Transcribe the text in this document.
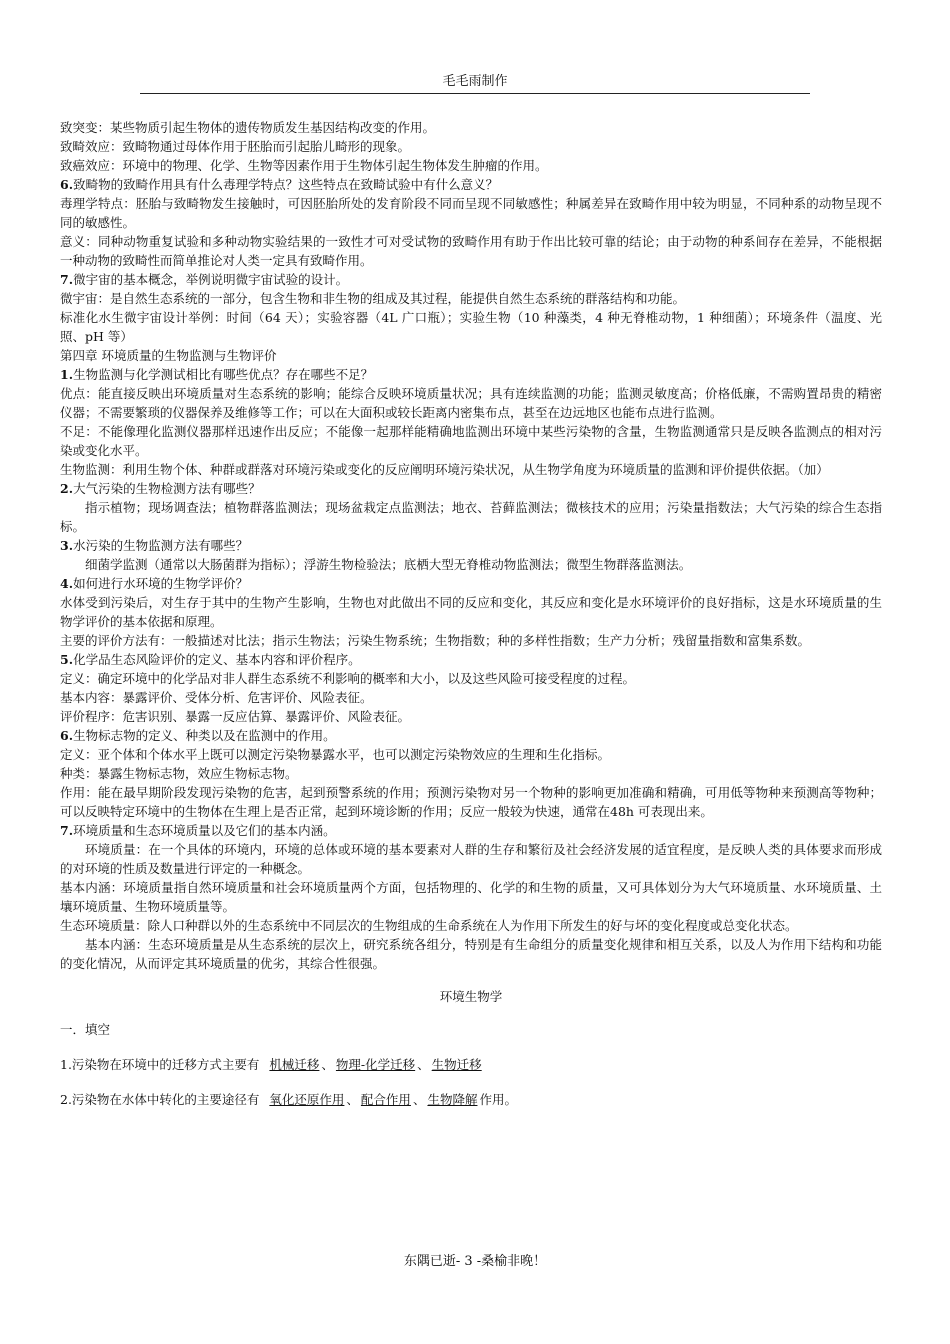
毛毛雨制作

致突变：某些物质引起生物体的遗传物质发生基因结构改变的作用。

致畸效应：致畸物通过母体作用于胚胎而引起胎儿畸形的现象。

致癌效应：环境中的物理、化学、生物等因素作用于生物体引起生物体发生肿瘤的作用。

6.致畸物的致畸作用具有什么毒理学特点？这些特点在致畸试验中有什么意义？

毒理学特点：胚胎与致畸物发生接触时，可因胚胎所处的发育阶段不同而呈现不同敏感性；种属差异在致畸作用中较为明显，不同种系的动物呈现不同的敏感性。

意义：同种动物重复试验和多种动物实验结果的一致性才可对受试物的致畸作用有助于作出比较可靠的结论；由于动物的种系间存在差异，不能根据一种动物的致畸性而简单推论对人类一定具有致畸作用。

7.微宇宙的基本概念，举例说明微宇宙试验的设计。

微宇宙：是自然生态系统的一部分，包含生物和非生物的组成及其过程，能提供自然生态系统的群落结构和功能。

标准化水生微宇宙设计举例：时间（64 天）；实验容器（4L 广口瓶）；实验生物（10 种藻类，4 种无脊椎动物，1 种细菌）；环境条件（温度、光照、pH 等）

第四章 环境质量的生物监测与生物评价

1.生物监测与化学测试相比有哪些优点？存在哪些不足？

优点：能直接反映出环境质量对生态系统的影响；能综合反映环境质量状况；具有连续监测的功能；监测灵敏度高；价格低廉，不需购置昂贵的精密仪器；不需要繁琐的仪器保养及维修等工作；可以在大面积或较长距离内密集布点，甚至在边远地区也能布点进行监测。

不足：不能像理化监测仪器那样迅速作出反应；不能像一起那样能精确地监测出环境中某些污染物的含量，生物监测通常只是反映各监测点的相对污染或变化水平。

生物监测：利用生物个体、种群或群落对环境污染或变化的反应阐明环境污染状况，从生物学角度为环境质量的监测和评价提供依据。（加）

2.大气污染的生物检测方法有哪些？

指示植物；现场调查法；植物群落监测法；现场盆栽定点监测法；地衣、苔藓监测法；微核技术的应用；污染量指数法；大气污染的综合生态指标。

3.水污染的生物监测方法有哪些？

细菌学监测（通常以大肠菌群为指标）；浮游生物检验法；底栖大型无脊椎动物监测法；微型生物群落监测法。

4.如何进行水环境的生物学评价？

水体受到污染后，对生存于其中的生物产生影响，生物也对此做出不同的反应和变化，其反应和变化是水环境评价的良好指标，这是水环境质量的生物学评价的基本依据和原理。

主要的评价方法有：一般描述对比法；指示生物法；污染生物系统；生物指数；种的多样性指数；生产力分析；残留量指数和富集系数。

5.化学品生态风险评价的定义、基本内容和评价程序。

定义：确定环境中的化学品对非人群生态系统不利影响的概率和大小，以及这些风险可接受程度的过程。

基本内容：暴露评价、受体分析、危害评价、风险表征。

评价程序：危害识别、暴露一反应估算、暴露评价、风险表征。

6.生物标志物的定义、种类以及在监测中的作用。

定义：亚个体和个体水平上既可以测定污染物暴露水平，也可以测定污染物效应的生理和生化指标。

种类：暴露生物标志物，效应生物标志物。

作用：能在最早期阶段发现污染物的危害，起到预警系统的作用；预测污染物对另一个物种的影响更加准确和精确，可用低等物种来预测高等物种；可以反映特定环境中的生物体在生理上是否正常，起到环境诊断的作用；反应一般较为快速，通常在48h 可表现出来。

7.环境质量和生态环境质量以及它们的基本内涵。

环境质量：在一个具体的环境内，环境的总体或环境的基本要素对人群的生存和繁衍及社会经济发展的适宜程度，是反映人类的具体要求而形成的对环境的性质及数量进行评定的一种概念。

基本内涵：环境质量指自然环境质量和社会环境质量两个方面，包括物理的、化学的和生物的质量，又可具体划分为大气环境质量、水环境质量、土壤环境质量、生物环境质量等。

生态环境质量：除人口种群以外的生态系统中不同层次的生物组成的生命系统在人为作用下所发生的好与坏的变化程度或总变化状态。

基本内涵：生态环境质量是从生态系统的层次上，研究系统各组分，特别是有生命组分的质量变化规律和相互关系，以及人为作用下结构和功能的变化情况，从而评定其环境质量的优劣，其综合性很强。

环境生物学

一．填空

1.污染物在环境中的迁移方式主要有 机械迁移 、 物理-化学迁移 、 生物迁移

2.污染物在水体中转化的主要途径有 氧化还原作用 、 配合作用 、 生物降解 作用。

东隅已逝- 3 -桑榆非晚！
